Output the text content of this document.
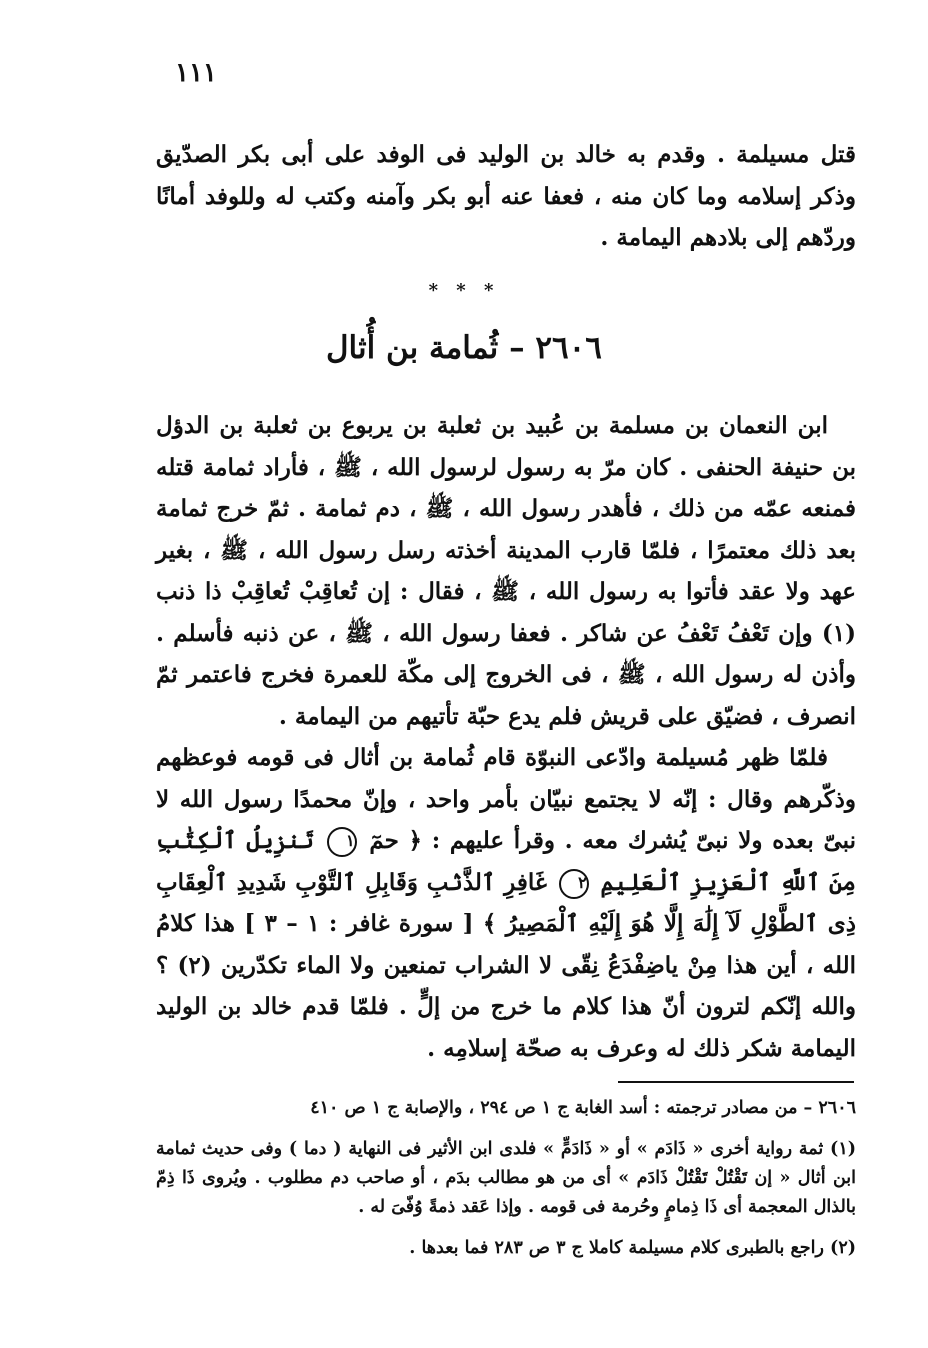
١١١

قتل مسيلمة . وقدم به خالد بن الوليد فى الوفد على أبى بكر الصدّيق وذكر إسلامه وما كان منه ، فعفا عنه أبو بكر وآمنه وكتب له وللوفد أمانًا وردّهم إلى بلادهم اليمامة .

* * *
٢٦٠٦ – ثُمامة بن أُثال

ابن النعمان بن مسلمة بن عُبيد بن ثعلبة بن يربوع بن ثعلبة بن الدؤل بن حنيفة الحنفى . كان مرّ به رسول لرسول الله ، ﷺ ، فأراد ثمامة قتله فمنعه عمّه من ذلك ، فأهدر رسول الله ، ﷺ ، دم ثمامة . ثمّ خرج ثمامة بعد ذلك معتمرًا ، فلمّا قارب المدينة أخذته رسل رسول الله ، ﷺ ، بغير عهد ولا عقد فأتوا به رسول الله ، ﷺ ، فقال : إن تُعاقِبْ تُعاقِبْ ذا ذنب (١) وإن تَعْفُ تَعْفُ عن شاكر . فعفا رسول الله ، ﷺ ، عن ذنبه فأسلم . وأذن له رسول الله ، ﷺ ، فى الخروج إلى مكّة للعمرة فخرج فاعتمر ثمّ انصرف ، فضيّق على قريش فلم يدع حبّة تأتيهم من اليمامة .

فلمّا ظهر مُسيلمة وادّعى النبوّة قام ثُمامة بن أثال فى قومه فوعظهم وذكّرهم وقال : إنّه لا يجتمع نبيّان بأمر واحد ، وإنّ محمدًا رسول الله لا نبىّ بعده ولا نبىّ يُشرك معه . وقرأ عليهم : ﴿ حمٓ ١ تَنزِيلُ ٱلْكِتَٰبِ مِنَ ٱللَّهِ ٱلْعَزِيزِ ٱلْعَلِيمِ ٢ غَافِرِ ٱلذَّنۢبِ وَقَابِلِ ٱلتَّوْبِ شَدِيدِ ٱلْعِقَابِ ذِى ٱلطَّوْلِ لَآ إِلَٰهَ إِلَّا هُوَ إِلَيْهِ ٱلْمَصِيرُ ﴾ [ سورة غافر : ١ – ٣ ] هذا كلامُ الله ، أين هذا مِنْ ياضِفْدَعُ نِقّى لا الشراب تمنعين ولا الماء تكدّرين (٢) ؟ والله إنّكم لترون أنّ هذا كلام ما خرج من إلٍّ . فلمّا قدم خالد بن الوليد اليمامة شكر ذلك له وعرف به صحّة إسلامِه .

٢٦٠٦ – من مصادر ترجمته : أسد الغابة ج ١ ص ٢٩٤ ، والإصابة ج ١ ص ٤١٠

(١) ثمة رواية أخرى « ذَادَم » أو « ذَادَمٍّ » فلدى ابن الأثير فى النهاية ( دما ) وفى حديث ثمامة ابن أثال « إن تَقْتُلْ تَقْتُلْ ذَادَم » أى من هو مطالب بدَم ، أو صاحب دم مطلوب . ويُروى ذَا ذِمّ بالذال المعجمة أى ذَا ذِمامٍ وحُرمة فى قومه . وإذا عَقد ذمةً وُفّىَ له .

(٢) راجع بالطبرى كلام مسيلمة كاملا ج ٣ ص ٢٨٣ فما بعدها .
